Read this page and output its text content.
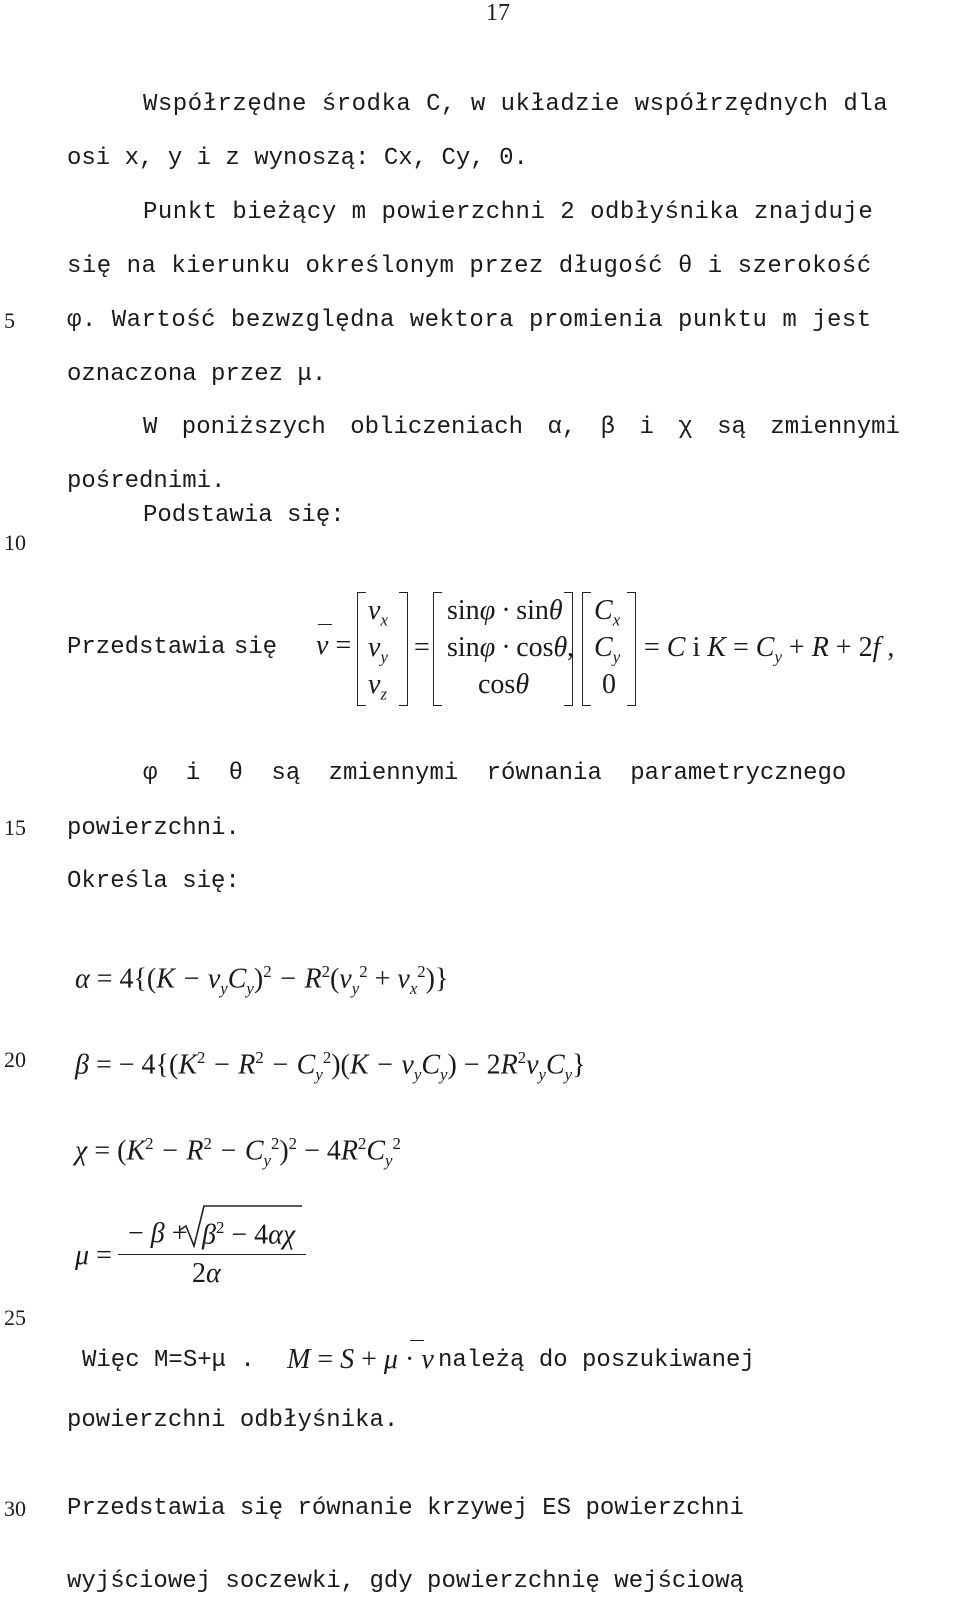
17
5
10
15
20
25
30
Współrzędne środka C, w układzie współrzędnych dla
osi x, y i z wynoszą: Cx, Cy, 0.
Punkt bieżący m powierzchni 2 odbłyśnika znajduje
się na kierunku określonym przez długość θ i szerokość
φ. Wartość bezwzględna wektora promienia punktu m jest
oznaczona przez μ.
W poniższych obliczeniach α, β i χ są zmiennymi
pośrednimi.
Podstawia się:
Przedstawia się v =
$v_x$
$v_y$
$v_z$
=
sinφ · sinθ
sinφ · cosθ
cosθ
,
$C_x$
$C_y$
0
= C i $K = C_y + R + 2f$ ,
φ i θ są zmiennymi równania parametrycznego
powierzchni.
Określa się:
$\alpha = 4\{(K - v_yC_y)^2 - R^2(v_y^2 + v_x^2)\}$
β = − $4\{(K^2 - R^2 - C_y^2)(K - v_yC_y) - 2R^2v_yC_y\}$
$\chi = (K^2 - R^2 - C_y^2)^2 - 4R^2C_y^2$
μ =
− $\beta + \beta^2 - 4\alpha\chi$
2α
Więc M=S+μ . M = S + μ · v należą do poszukiwanej
powierzchni odbłyśnika.
Przedstawia się równanie krzywej ES powierzchni
wyjściowej soczewki, gdy powierzchnię wejściową
